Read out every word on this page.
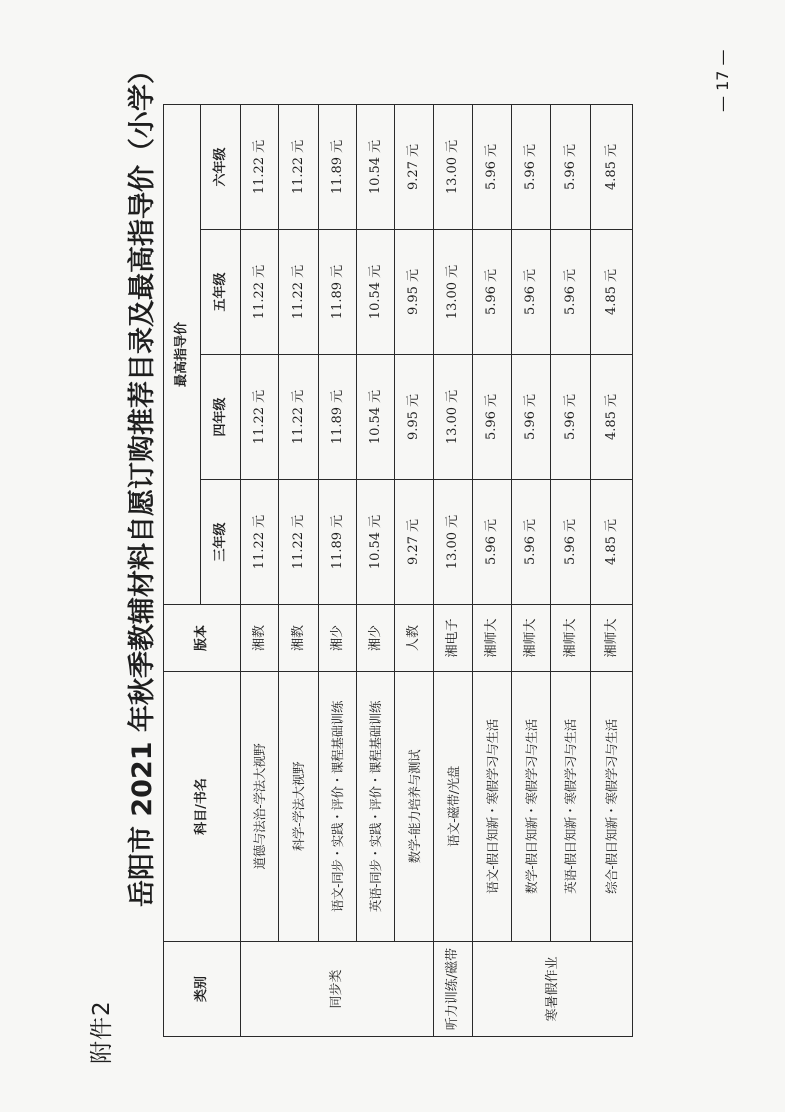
附件2
岳阳市 2021 年秋季教辅材料自愿订购推荐目录及最高指导价（小学）
类别	科目/书名	版本	最高指导价			
			三年级	四年级	五年级	六年级
同步类	道德与法治-学法大视野	湘教	11.22 元	11.22 元	11.22 元	11.22 元
	科学-学法大视野	湘教	11.22 元	11.22 元	11.22 元	11.22 元
	语文-同步・实践・评价・课程基础训练	湘少	11.89 元	11.89 元	11.89 元	11.89 元
	英语-同步・实践・评价・课程基础训练	湘少	10.54 元	10.54 元	10.54 元	10.54 元
	数学-能力培养与测试	人教	9.27 元	9.95 元	9.95 元	9.27 元
听力训练/磁带	语文-磁带/光盘	湘电子	13.00 元	13.00 元	13.00 元	13.00 元
寒暑假作业	语文-假日知新・寒假学习与生活	湘师大	5.96 元	5.96 元	5.96 元	5.96 元
	数学-假日知新・寒假学习与生活	湘师大	5.96 元	5.96 元	5.96 元	5.96 元
	英语-假日知新・寒假学习与生活	湘师大	5.96 元	5.96 元	5.96 元	5.96 元
	综合-假日知新・寒假学习与生活	湘师大	4.85 元	4.85 元	4.85 元	4.85 元
— 17 —
